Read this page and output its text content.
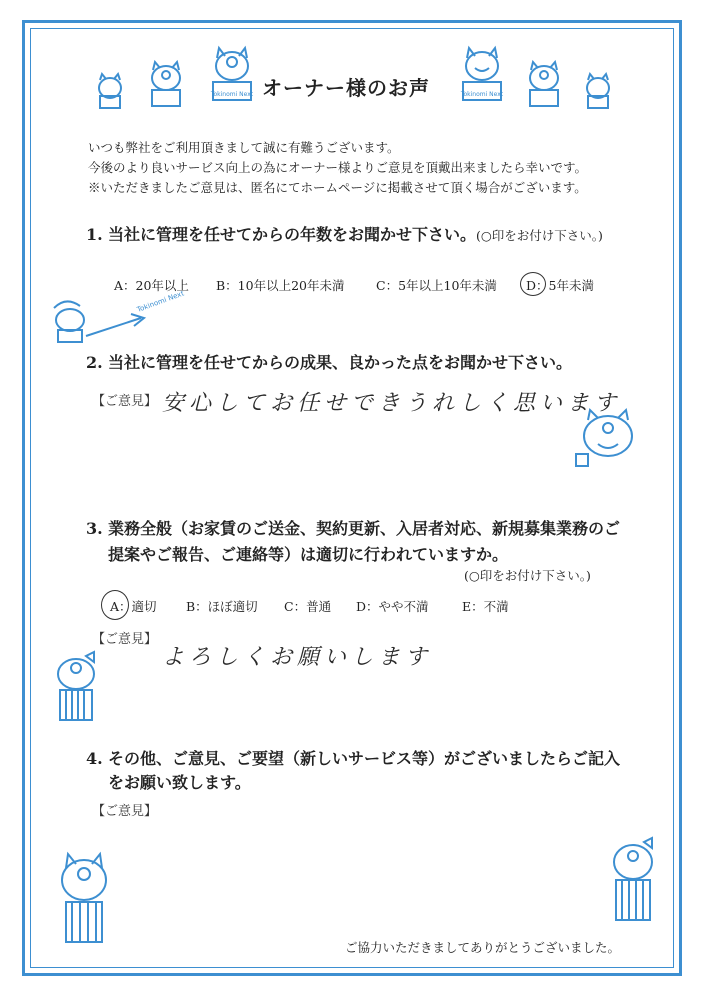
Tokinomi Next	Tokinomi Next
オーナー様のお声
いつも弊社をご利用頂きまして誠に有難うございます。
今後のより良いサービス向上の為にオーナー様よりご意見を頂戴出来ましたら幸いです。
※いただきましたご意見は、匿名にてホームページに掲載させて頂く場合がございます。
1. 当社に管理を任せてからの年数をお聞かせ下さい。(○印をお付け下さい。)
A：20年以上 B：10年以上20年未満	C：5年以上10年未満 D：5年未満
Tokinomi Next
2. 当社に管理を任せてからの成果、良かった点をお聞かせ下さい。
【ご意見】 安心してお任せできうれしく思います
3. 業務全般（お家賃のご送金、契約更新、入居者対応、新規募集業務のご
提案やご報告、ご連絡等）は適切に行われていますか。
(○印をお付け下さい。)
A：適切 B：ほぼ適切 C：普通 D：やや不満	E：不満
【ご意見】
よろしくお願いします
4. その他、ご意見、ご要望（新しいサービス等）がございましたらご記入
をお願い致します。
【ご意見】
ご協力いただきましてありがとうございました。
